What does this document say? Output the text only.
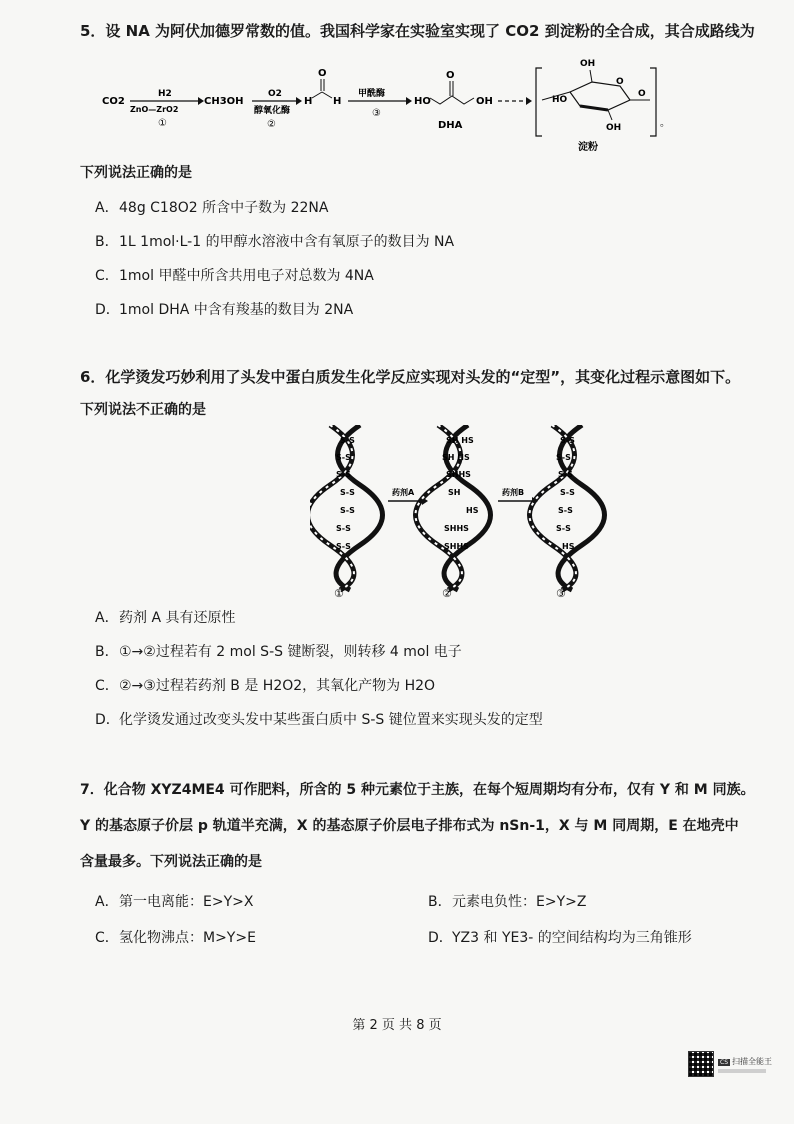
5．设 NA 为阿伏加德罗常数的值。我国科学家在实验室实现了 CO2 到淀粉的全合成，其合成路线为

CO2
H2
ZnO—ZrO2
①
CH3OH
O2
醇氧化酶
②
H
O
H
甲酰酶
③
HO
O
OH
DHA
OH
HO
OH
O
O
淀粉
。
下列说法正确的是
A．48g C18O2 所含中子数为 22NA
B．1L 1mol·L-1 的甲醇水溶液中含有氧原子的数目为 NA
C．1mol 甲醛中所含共用电子对总数为 4NA
D．1mol DHA 中含有羧基的数目为 2NA
6．化学烫发巧妙利用了头发中蛋白质发生化学反应实现对头发的“定型”，其变化过程示意图如下。
下列说法不正确的是
S-S
S-S
S-S
S-S
S-S
S-S
S-S
①
药剂A
SH HS
SH HS
SHHS
SH
HS
SHHS
SHHS
②
药剂B
S-S
S-S
S-S
S-S
S-S
S-S
HS
③
A．药剂 A 具有还原性
B．①→②过程若有 2 mol S-S 键断裂，则转移 4 mol 电子
C．②→③过程若药剂 B 是 H2O2，其氧化产物为 H2O
D．化学烫发通过改变头发中某些蛋白质中 S-S 键位置来实现头发的定型
7．化合物 XYZ4ME4 可作肥料，所含的 5 种元素位于主族，在每个短周期均有分布，仅有 Y 和 M 同族。
Y 的基态原子价层 p 轨道半充满，X 的基态原子价层电子排布式为 nSn-1，X 与 M 同周期，E 在地壳中
含量最多。下列说法正确的是
A．第一电离能：E>Y>X	B．元素电负性：E>Y>Z
C．氢化物沸点：M>Y>E	D．YZ3 和 YE3- 的空间结构均为三角锥形
第 2 页 共 8 页
CS 扫描全能王
